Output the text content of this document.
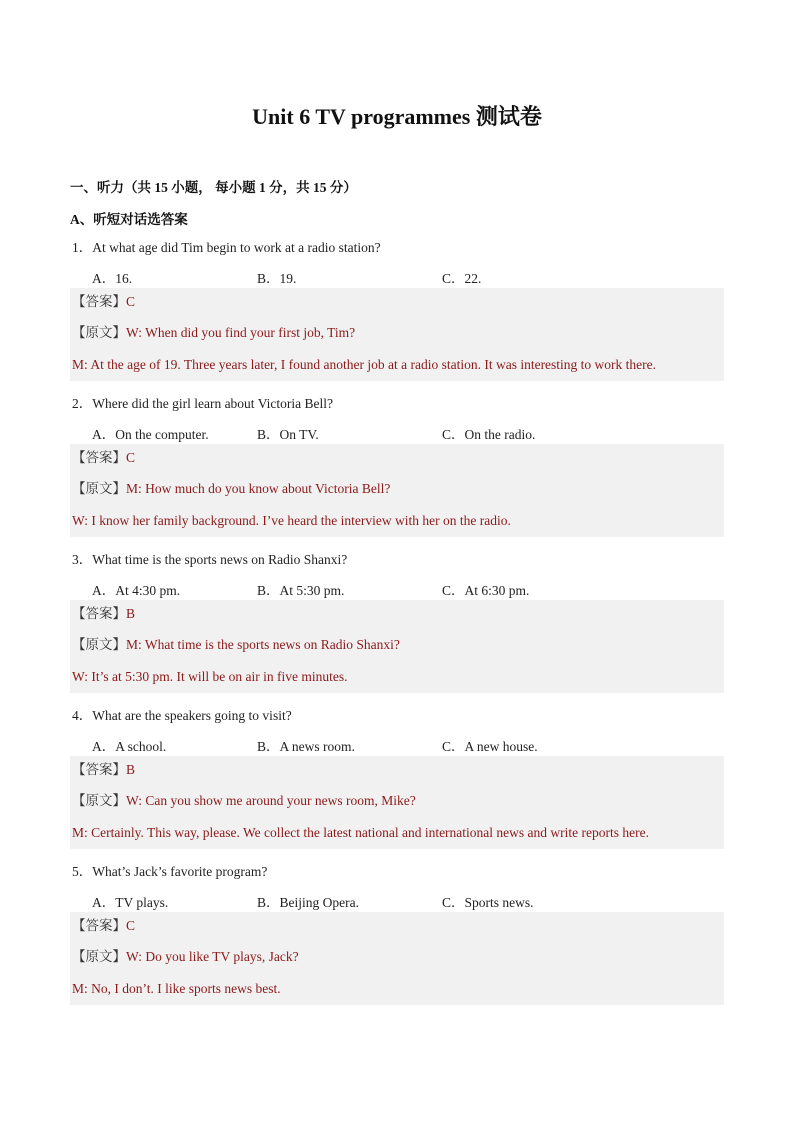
Unit 6 TV programmes 测试卷
一、听力（共 15 小题， 每小题 1 分，共 15 分）
A、听短对话选答案
1．At what age did Tim begin to work at a radio station?
A．16.	B．19.	C．22.
【答案】C
【原文】W: When did you find your first job, Tim?
M: At the age of 19. Three years later, I found another job at a radio station. It was interesting to work there.
2．Where did the girl learn about Victoria Bell?
A．On the computer.	B．On TV.	C．On the radio.
【答案】C
【原文】M: How much do you know about Victoria Bell?
W: I know her family background. I’ve heard the interview with her on the radio.
3．What time is the sports news on Radio Shanxi?
A．At 4:30 pm.	B．At 5:30 pm.	C．At 6:30 pm.
【答案】B
【原文】M: What time is the sports news on Radio Shanxi?
W: It’s at 5:30 pm. It will be on air in five minutes.
4．What are the speakers going to visit?
A．A school.	B．A news room.	C．A new house.
【答案】B
【原文】W: Can you show me around your news room, Mike?
M: Certainly. This way, please. We collect the latest national and international news and write reports here.
5．What’s Jack’s favorite program?
A．TV plays.	B．Beijing Opera.	C．Sports news.
【答案】C
【原文】W: Do you like TV plays, Jack?
M: No, I don’t. I like sports news best.
